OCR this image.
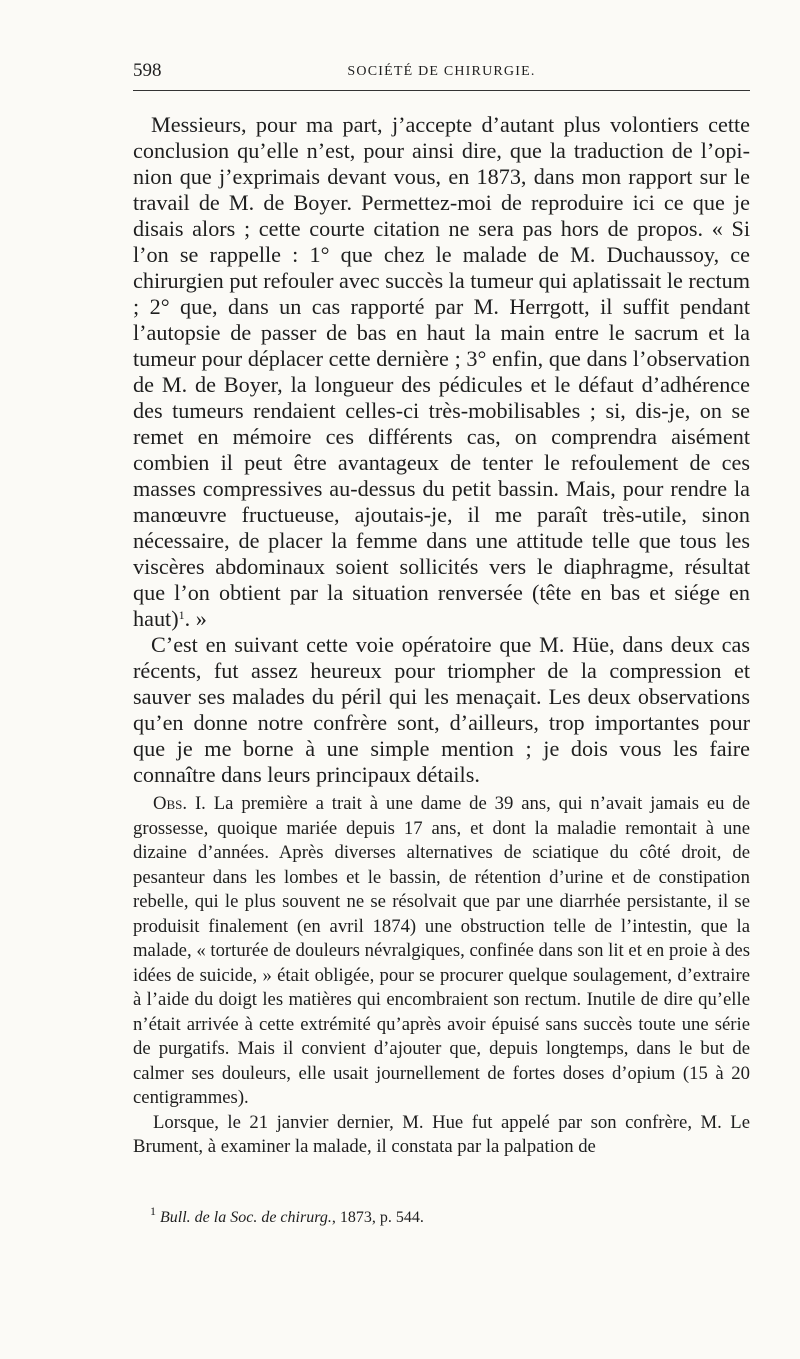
598	SOCIÉTÉ DE CHIRURGIE.

Messieurs, pour ma part, j’accepte d’autant plus volontiers cette conclusion qu’elle n’est, pour ainsi dire, que la traduction de l’opinion que j’exprimais devant vous, en 1873, dans mon rapport sur le travail de M. de Boyer. Permettez-moi de reproduire ici ce que je disais alors ; cette courte citation ne sera pas hors de propos. « Si l’on se rappelle : 1° que chez le malade de M. Duchaussoy, ce chirurgien put refouler avec succès la tumeur qui aplatissait le rectum ; 2° que, dans un cas rapporté par M. Herrgott, il suffit pendant l’autopsie de passer de bas en haut la main entre le sacrum et la tumeur pour déplacer cette dernière ; 3° enfin, que dans l’observation de M. de Boyer, la longueur des pédicules et le défaut d’adhérence des tumeurs rendaient celles-ci très-mobilisables ; si, dis-je, on se remet en mémoire ces différents cas, on comprendra aisément combien il peut être avantageux de tenter le refoulement de ces masses compressives au-dessus du petit bassin. Mais, pour rendre la manœuvre fructueuse, ajoutais-je, il me paraît très-utile, sinon nécessaire, de placer la femme dans une attitude telle que tous les viscères abdominaux soient sollicités vers le diaphragme, résultat que l’on obtient par la situation renversée (tête en bas et siége en haut)$^1$. »

C’est en suivant cette voie opératoire que M. Hüe, dans deux cas récents, fut assez heureux pour triompher de la compression et sauver ses malades du péril qui les menaçait. Les deux observations qu’en donne notre confrère sont, d’ailleurs, trop importantes pour que je me borne à une simple mention ; je dois vous les faire connaître dans leurs principaux détails.

Obs. I. La première a trait à une dame de 39 ans, qui n’avait jamais eu de grossesse, quoique mariée depuis 17 ans, et dont la maladie remontait à une dizaine d’années. Après diverses alternatives de sciatique du côté droit, de pesanteur dans les lombes et le bassin, de rétention d’urine et de constipation rebelle, qui le plus souvent ne se résolvait que par une diarrhée persistante, il se produisit finalement (en avril 1874) une obstruction telle de l’intestin, que la malade, « torturée de douleurs névralgiques, confinée dans son lit et en proie à des idées de suicide, » était obligée, pour se procurer quelque soulagement, d’extraire à l’aide du doigt les matières qui encombraient son rectum. Inutile de dire qu’elle n’était arrivée à cette extrémité qu’après avoir épuisé sans succès toute une série de purgatifs. Mais il convient d’ajouter que, depuis longtemps, dans le but de calmer ses douleurs, elle usait journellement de fortes doses d’opium (15 à 20 centigrammes).

Lorsque, le 21 janvier dernier, M. Hue fut appelé par son confrère, M. Le Brument, à examiner la malade, il constata par la palpation de

$^1$ Bull. de la Soc. de chirurg., 1873, p. 544.
